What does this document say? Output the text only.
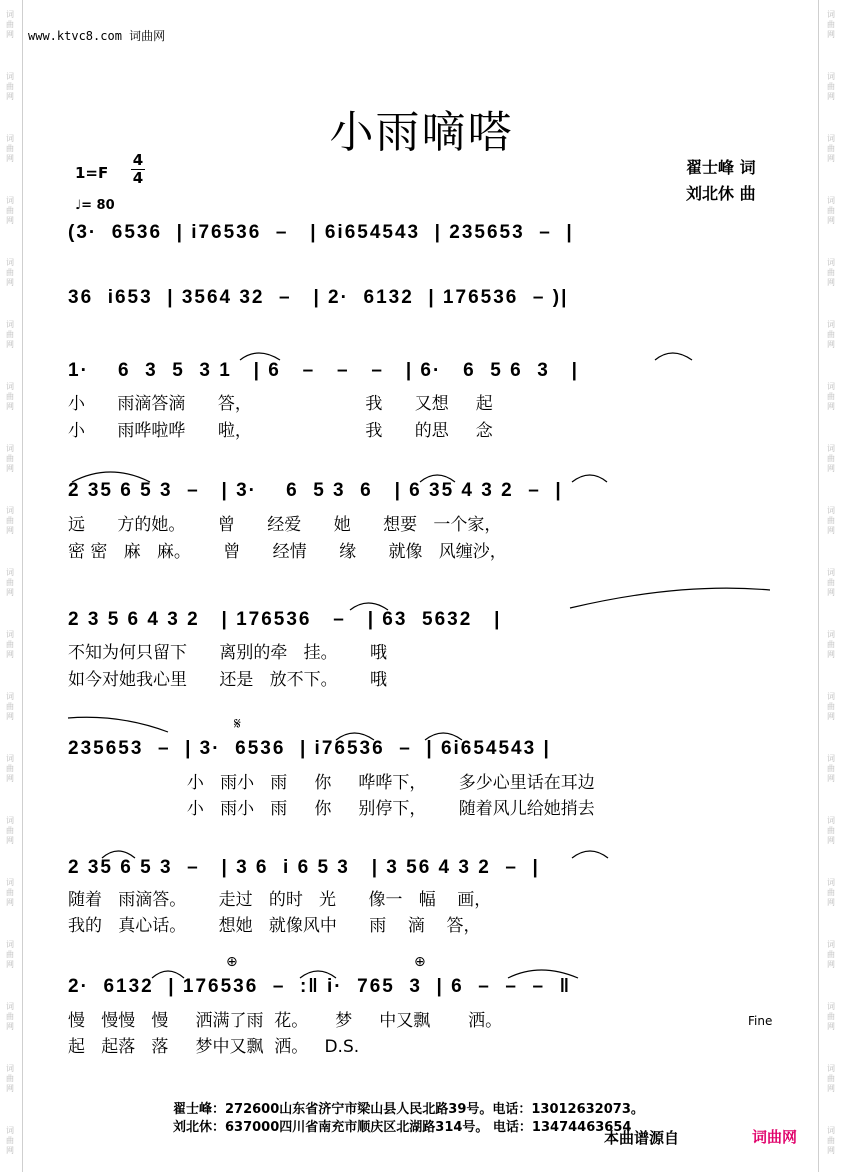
词
曲
网
词
曲
网
词
曲
网
词
曲
网
词
曲
网
词
曲
网
词
曲
网
词
曲
网
词
曲
网
词
曲
网
词
曲
网
词
曲
网
词
曲
网
词
曲
网
词
曲
网
词
曲
网
词
曲
网
词
曲
网
词
曲
网
词
曲
网
词
曲
网
词
曲
网
词
曲
网
词
曲
网
词
曲
网
词
曲
网
词
曲
网
词
曲
网
词
曲
网
词
曲
网
词
曲
网
词
曲
网
词
曲
网
词
曲
网
词
曲
网
词
曲
网
词
曲
网
词
曲
网
www.ktvc8.com 词曲网
小雨嘀嗒
1=F
4
4
♩= 80
翟士峰 词
刘北休 曲
(3·  6536  | i76536  –   | 6i654543  | 235653  –  |
36  i653  | 3564 32  –   | 2·  6132  | 176536  – )|
1·    6  3  5  3 1   | 6   –   –   –   | 6·   6  5 6  3   |
小      雨滴答滴      答，                     我      又想     起
小      雨哗啦哗      啦，                     我      的思     念
2 35 6 5 3  –   | 3·    6  5 3  6   | 6 35 4 3 2  –  |
远      方的她。      曾      经爱      她      想要   一个家，
密 密   麻   麻。      曾      经情      缘      就像   风缠沙，
2 3 5 6 4 3 2   | 176536   –   | 63  5632   |
不知为何只留下      离别的牵   挂。      哦
如今对她我心里      还是   放不下。      哦
235653  –  | 3·  6536  | i76536  –  | 6i654543 |
小   雨小   雨     你     哗哗下，      多少心里话在耳边
小   雨小   雨     你     别停下，      随着风儿给她捎去
2 35 6 5 3  –   | 3 6  i 6 5 3   | 3 56 4 3 2  –  |
随着   雨滴答。      走过   的时   光      像一   幅    画，
我的   真心话。      想她   就像风中      雨    滴    答，
2·  6132  | 176536  –  :‖ i·  765  3  | 6  –  –  –  ‖
慢   慢慢   慢     洒满了雨  花。     梦     中又飘       洒。
起   起落   落     梦中又飘  洒。   D.S.
𝄋
⊕	⊕
Fine
翟士峰：272600山东省济宁市梁山县人民北路39号。电话：13012632073。
刘北休：637000四川省南充市顺庆区北湖路314号。 电话：13474463654
本曲谱源自	词曲网
